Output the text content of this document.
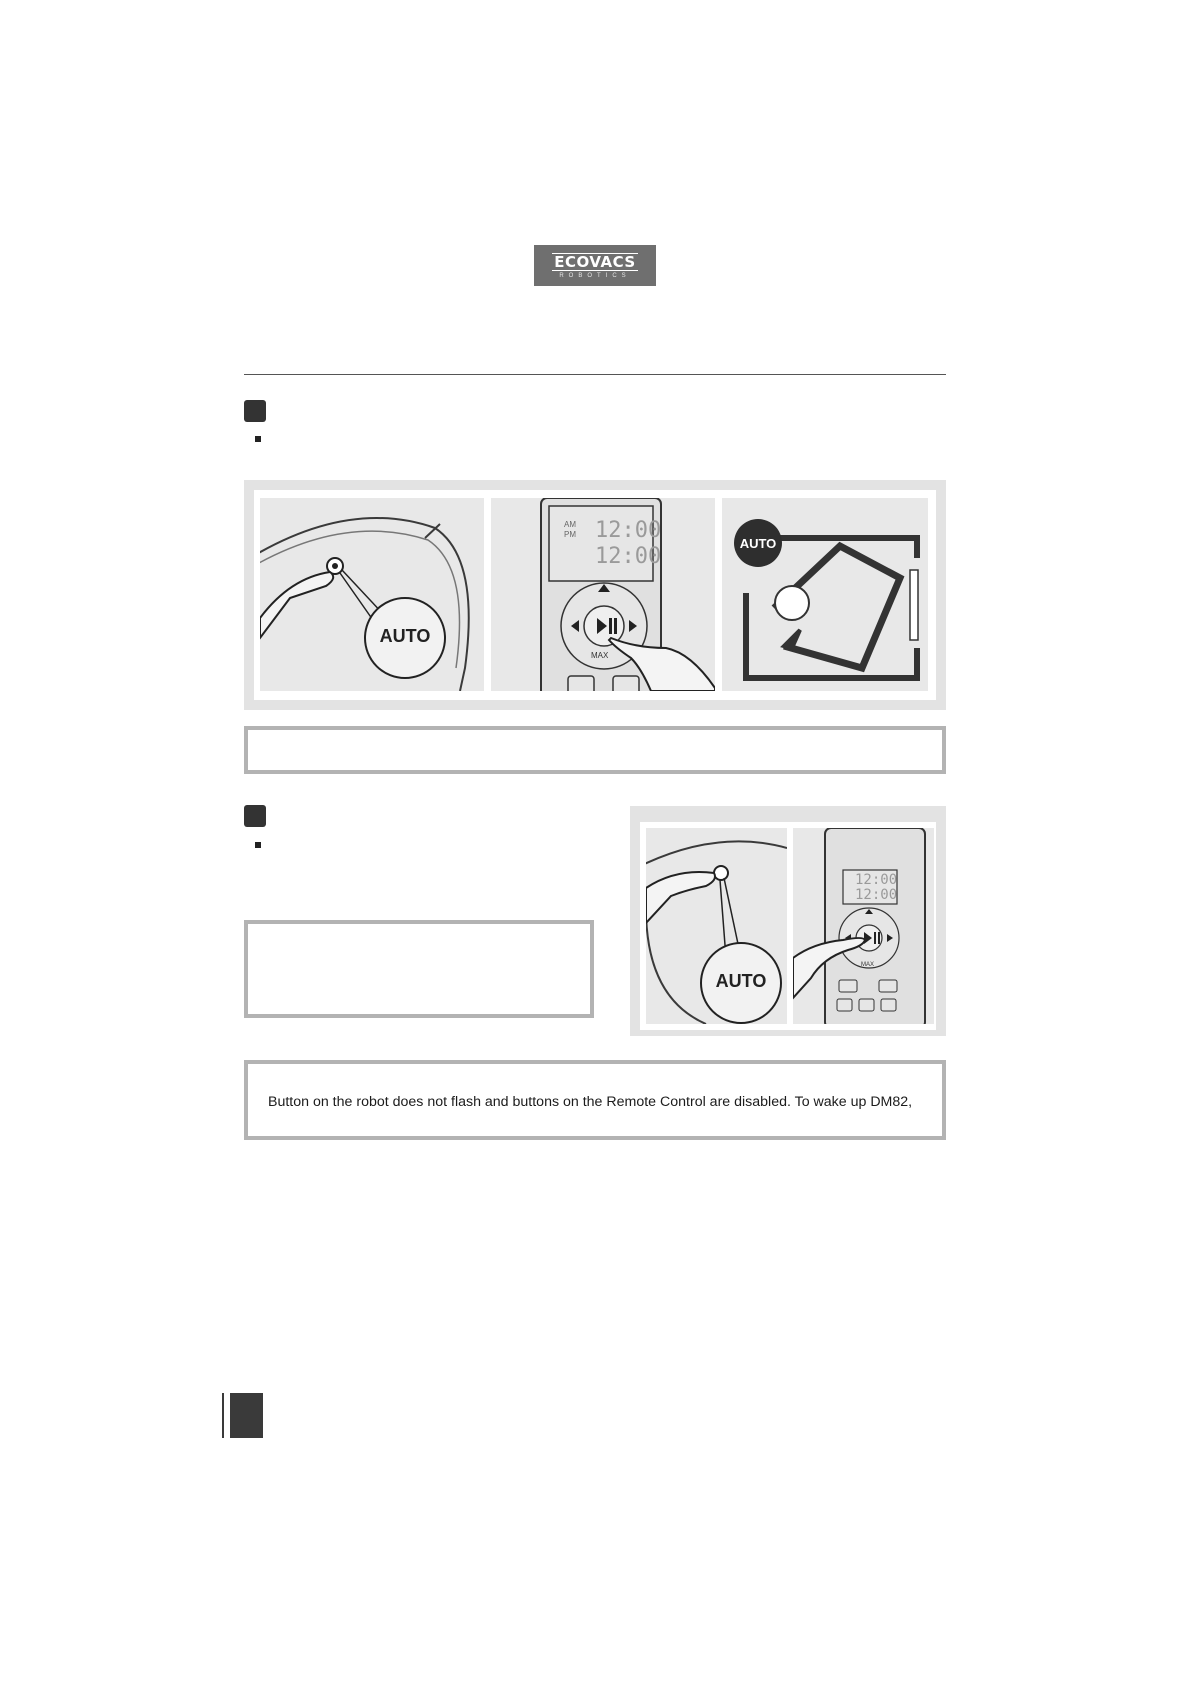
ECOVACS
ROBOTICS
AUTO
AM
PM 12:00
12:00
MAX
AUTO
AUTO
12:00
12:00
MAX
Button on the robot does not flash and buttons on the Remote Control are disabled. To wake up DM82,
